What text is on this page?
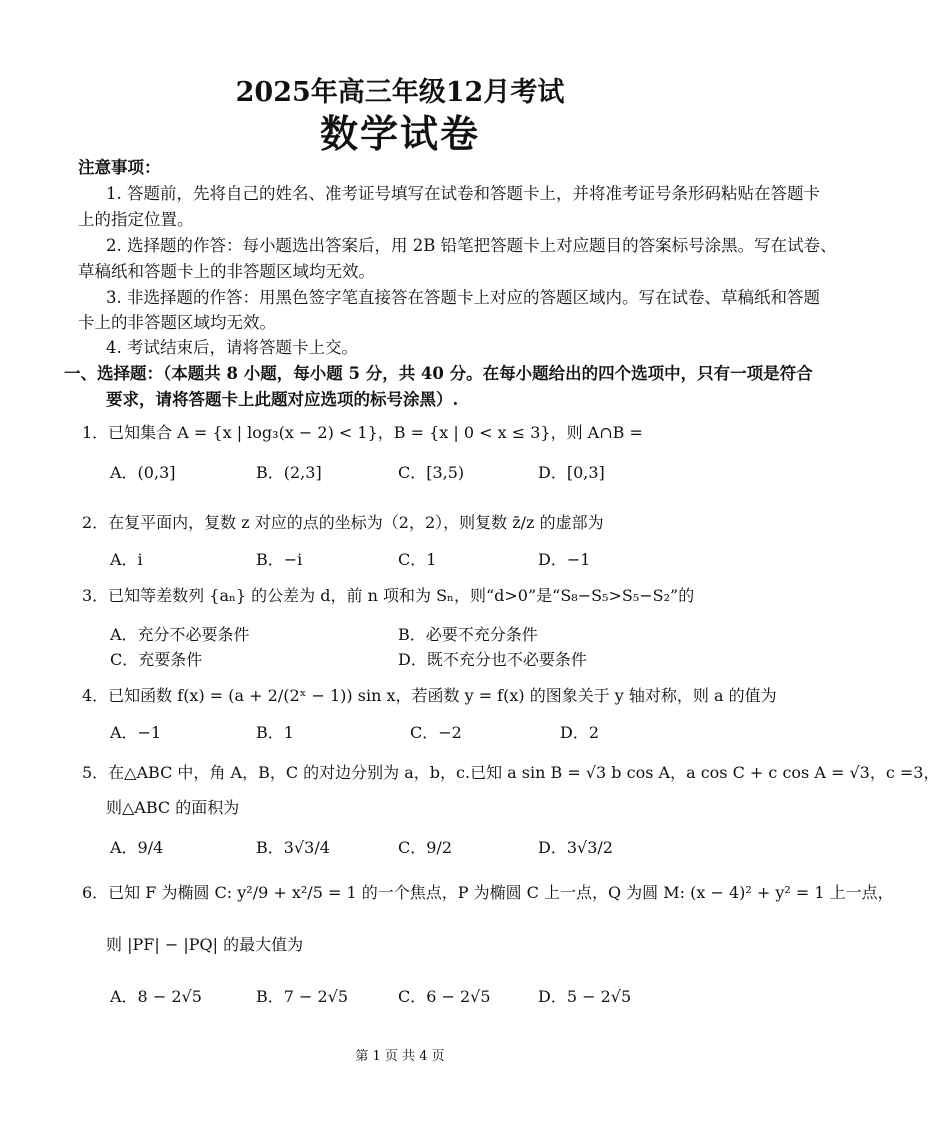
2025年高三年级12月考试
数学试卷
注意事项：
1. 答题前，先将自己的姓名、准考证号填写在试卷和答题卡上，并将准考证号条形码粘贴在答题卡
上的指定位置。
2. 选择题的作答：每小题选出答案后，用 2B 铅笔把答题卡上对应题目的答案标号涂黑。写在试卷、
草稿纸和答题卡上的非答题区域均无效。
3. 非选择题的作答：用黑色签字笔直接答在答题卡上对应的答题区域内。写在试卷、草稿纸和答题
卡上的非答题区域均无效。
4. 考试结束后，请将答题卡上交。
一、选择题：（本题共 8 小题，每小题 5 分，共 40 分。在每小题给出的四个选项中，只有一项是符合
要求，请将答题卡上此题对应选项的标号涂黑）.
1．已知集合 A = {x | log₃(x − 2) < 1}，B = {x | 0 < x ≤ 3}，则 A∩B =
A．(0,3]	B．(2,3]	C．[3,5)	D．[0,3]
2．在复平面内，复数 z 对应的点的坐标为（2，2），则复数 z̄/z 的虚部为
A．i	B．−i	C．1	D．−1
3．已知等差数列 {aₙ} 的公差为 d，前 n 项和为 Sₙ，则“d>0”是“S₈−S₅>S₅−S₂”的
A．充分不必要条件	B．必要不充分条件
C．充要条件	D．既不充分也不必要条件
4．已知函数 f(x) = (a + 2/(2ˣ − 1)) sin x，若函数 y = f(x) 的图象关于 y 轴对称，则 a 的值为
A．−1	B．1	C．−2	D．2
5．在△ABC 中，角 A，B，C 的对边分别为 a，b，c.已知 a sin B = √3 b cos A，a cos C + c cos A = √3，c =3，
则△ABC 的面积为
A．9/4	B．3√3/4	C．9/2	D．3√3/2
6．已知 F 为椭圆 C: y²/9 + x²/5 = 1 的一个焦点，P 为椭圆 C 上一点，Q 为圆 M: (x − 4)² + y² = 1 上一点，
则 |PF| − |PQ| 的最大值为
A．8 − 2√5	B．7 − 2√5	C．6 − 2√5	D．5 − 2√5
第 1 页 共 4 页
